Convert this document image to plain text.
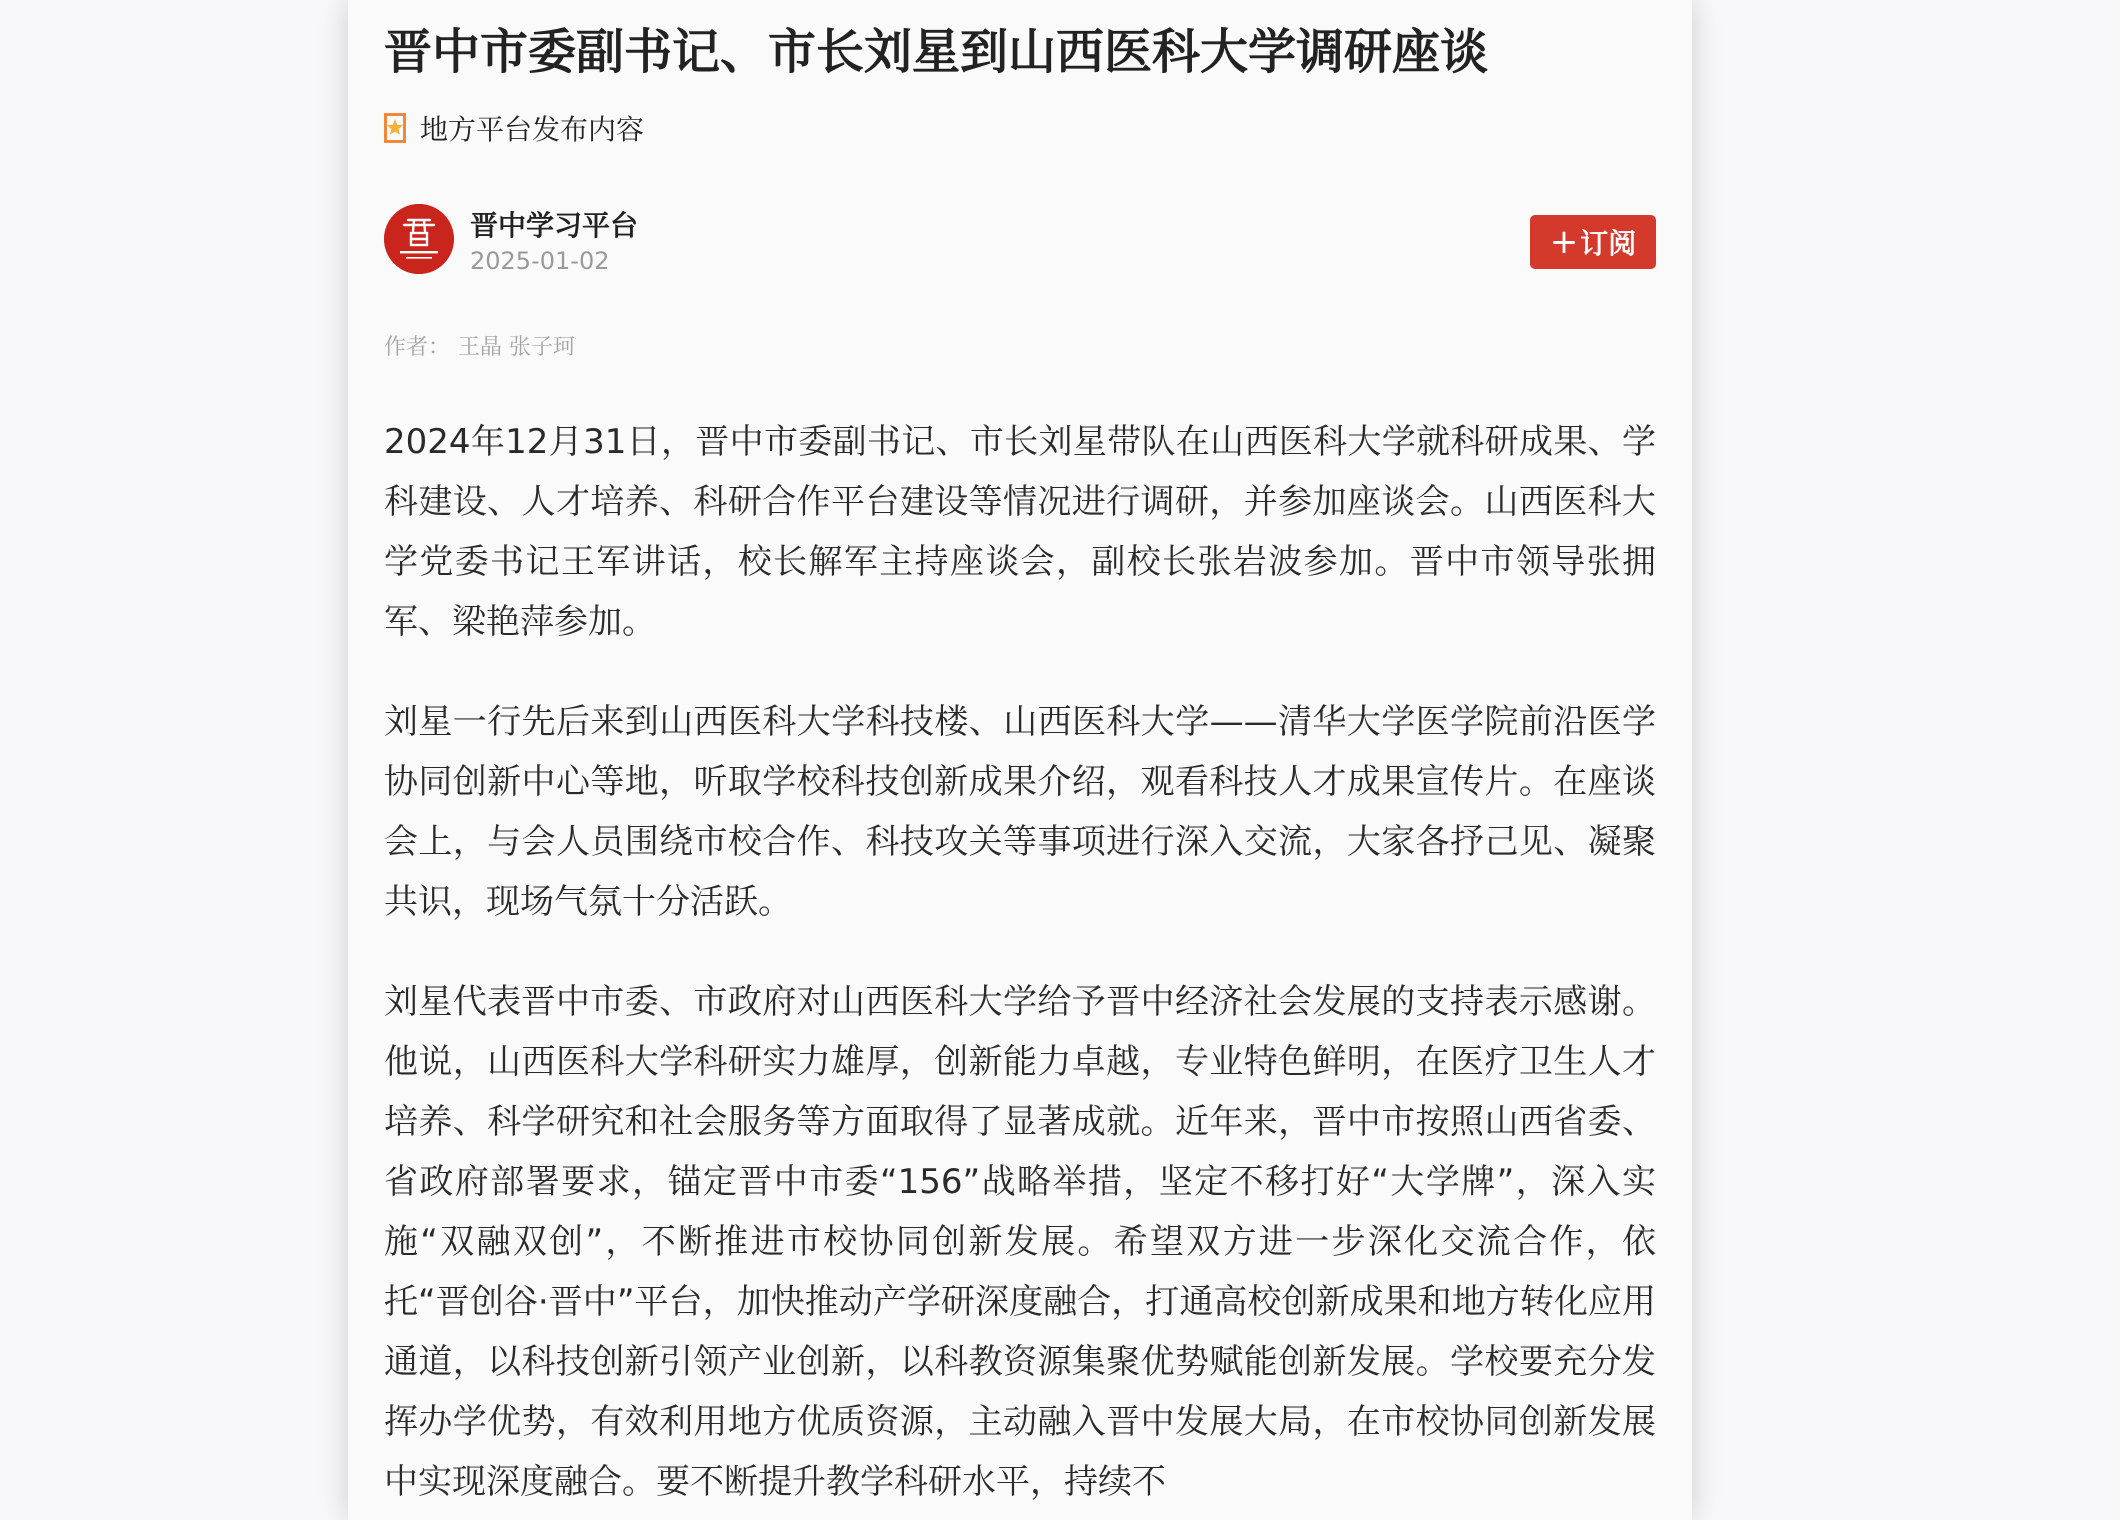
晋中市委副书记、市长刘星到山西医科大学调研座谈
地方平台发布内容
晋中学习平台
2025-01-02	+ 订阅
作者： 王晶 张子珂

2024年12月31日，晋中市委副书记、市长刘星带队在山西医科大学就科研成果、学科建设、人才培养、科研合作平台建设等情况进行调研，并参加座谈会。山西医科大学党委书记王军讲话，校长解军主持座谈会，副校长张岩波参加。晋中市领导张拥军、梁艳萍参加。

刘星一行先后来到山西医科大学科技楼、山西医科大学——清华大学医学院前沿医学协同创新中心等地，听取学校科技创新成果介绍，观看科技人才成果宣传片。在座谈会上，与会人员围绕市校合作、科技攻关等事项进行深入交流，大家各抒己见、凝聚共识，现场气氛十分活跃。

刘星代表晋中市委、市政府对山西医科大学给予晋中经济社会发展的支持表示感谢。他说，山西医科大学科研实力雄厚，创新能力卓越，专业特色鲜明，在医疗卫生人才培养、科学研究和社会服务等方面取得了显著成就。近年来，晋中市按照山西省委、省政府部署要求，锚定晋中市委“156”战略举措，坚定不移打好“大学牌”，深入实施“双融双创”，不断推进市校协同创新发展。希望双方进一步深化交流合作，依托“晋创谷·晋中”平台，加快推动产学研深度融合，打通高校创新成果和地方转化应用通道，以科技创新引领产业创新，以科教资源集聚优势赋能创新发展。学校要充分发挥办学优势，有效利用地方优质资源，主动融入晋中发展大局，在市校协同创新发展中实现深度融合。要不断提升教学科研水平，持续不
